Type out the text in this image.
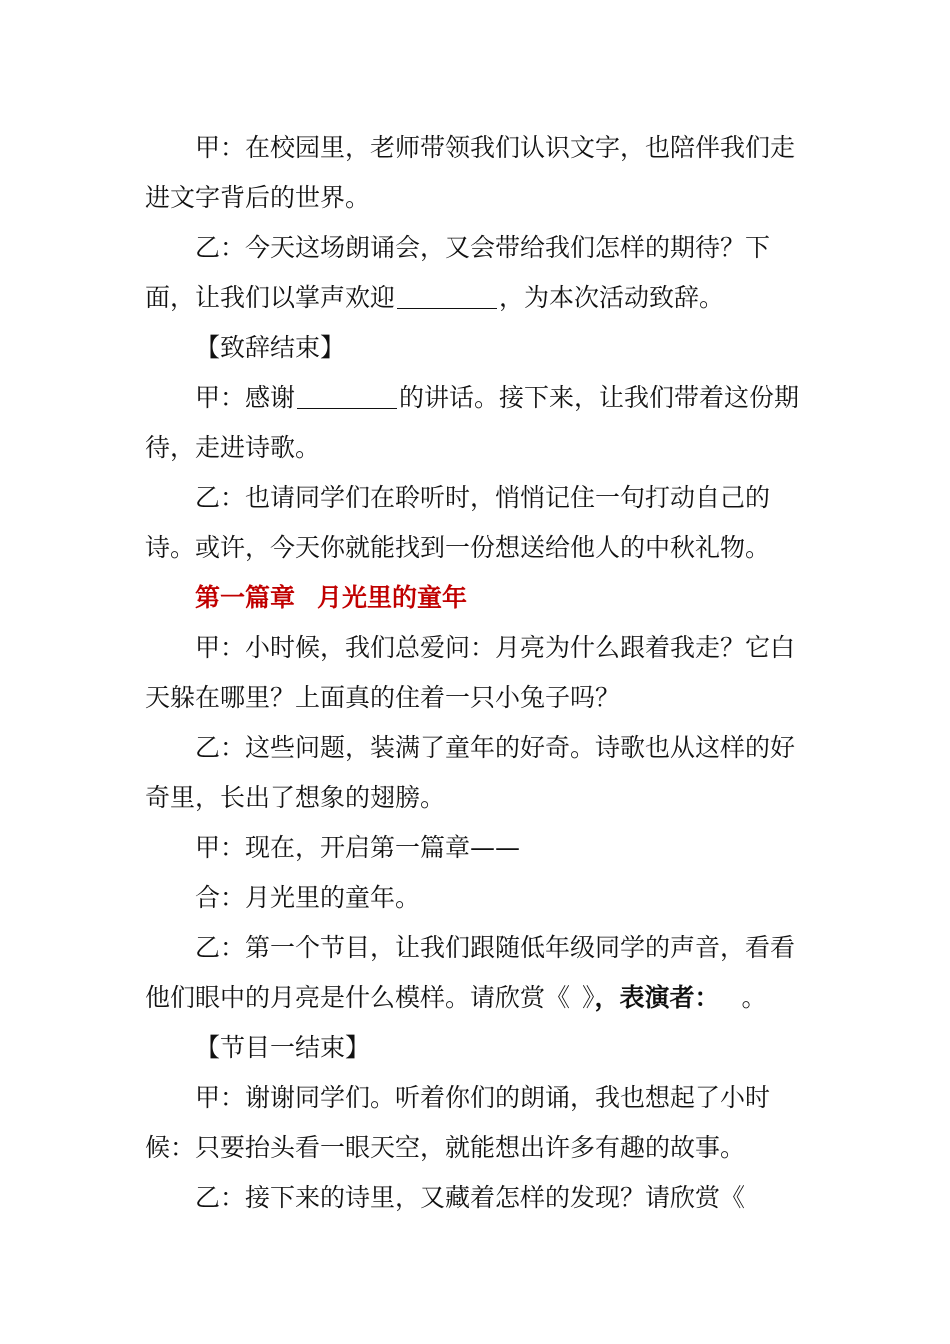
甲：在校园里，老师带领我们认识文字，也陪伴我们走进文字背后的世界。

乙：今天这场朗诵会，又会带给我们怎样的期待？下面，让我们以掌声欢迎	，为本次活动致辞。

【致辞结束】

甲：感谢	的讲话。接下来，让我们带着这份期待，走进诗歌。

乙：也请同学们在聆听时，悄悄记住一句打动自己的诗。或许，今天你就能找到一份想送给他人的中秋礼物。

第一篇章 月光里的童年

甲：小时候，我们总爱问：月亮为什么跟着我走？它白天躲在哪里？上面真的住着一只小兔子吗？

乙：这些问题，装满了童年的好奇。诗歌也从这样的好奇里，长出了想象的翅膀。

甲：现在，开启第一篇章——

合：月光里的童年。

乙：第一个节目，让我们跟随低年级同学的声音，看看他们眼中的月亮是什么模样。请欣赏《 》，表演者： 。

【节目一结束】

甲：谢谢同学们。听着你们的朗诵，我也想起了小时候：只要抬头看一眼天空，就能想出许多有趣的故事。

乙：接下来的诗里，又藏着怎样的发现？请欣赏《
